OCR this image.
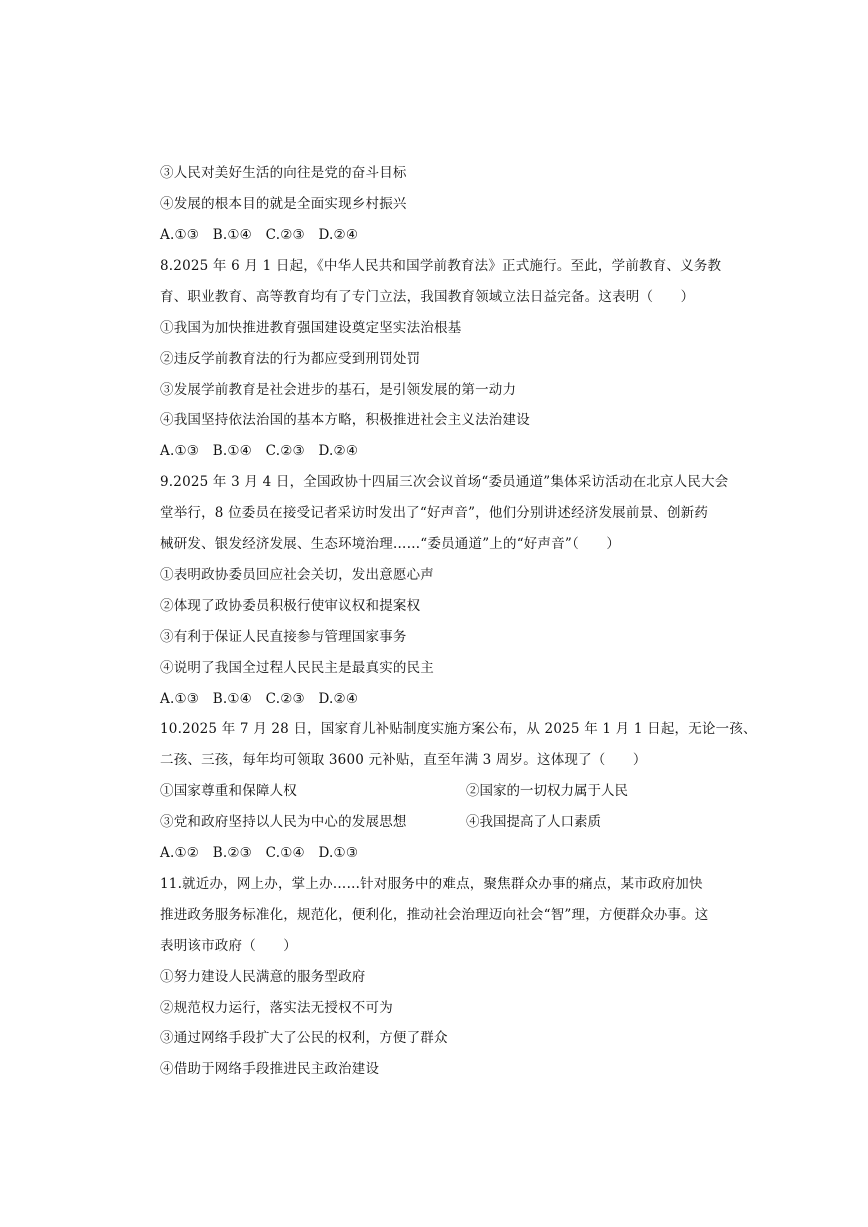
③人民对美好生活的向往是党的奋斗目标
④发展的根本目的就是全面实现乡村振兴
A.①③　B.①④　C.②③　D.②④
8.2025 年 6 月 1 日起，《中华人民共和国学前教育法》正式施行。至此，学前教育、义务教
育、职业教育、高等教育均有了专门立法，我国教育领域立法日益完备。这表明（　　）
①我国为加快推进教育强国建设奠定坚实法治根基
②违反学前教育法的行为都应受到刑罚处罚
③发展学前教育是社会进步的基石，是引领发展的第一动力
④我国坚持依法治国的基本方略，积极推进社会主义法治建设
A.①③　B.①④　C.②③　D.②④
9.2025 年 3 月 4 日，全国政协十四届三次会议首场“委员通道”集体采访活动在北京人民大会
堂举行，8 位委员在接受记者采访时发出了“好声音”，他们分别讲述经济发展前景、创新药
械研发、银发经济发展、生态环境治理……“委员通道”上的“好声音”（　　）
①表明政协委员回应社会关切，发出意愿心声
②体现了政协委员积极行使审议权和提案权
③有利于保证人民直接参与管理国家事务
④说明了我国全过程人民民主是最真实的民主
A.①③　B.①④　C.②③　D.②④
10.2025 年 7 月 28 日，国家育儿补贴制度实施方案公布，从 2025 年 1 月 1 日起，无论一孩、
二孩、三孩，每年均可领取 3600 元补贴，直至年满 3 周岁。这体现了（　　）
①国家尊重和保障人权	②国家的一切权力属于人民
③党和政府坚持以人民为中心的发展思想	④我国提高了人口素质
A.①②　B.②③　C.①④　D.①③
11.就近办，网上办，掌上办……针对服务中的难点，聚焦群众办事的痛点，某市政府加快
推进政务服务标准化，规范化，便利化，推动社会治理迈向社会“智”理，方便群众办事。这
表明该市政府（　　）
①努力建设人民满意的服务型政府
②规范权力运行，落实法无授权不可为
③通过网络手段扩大了公民的权利，方便了群众
④借助于网络手段推进民主政治建设
